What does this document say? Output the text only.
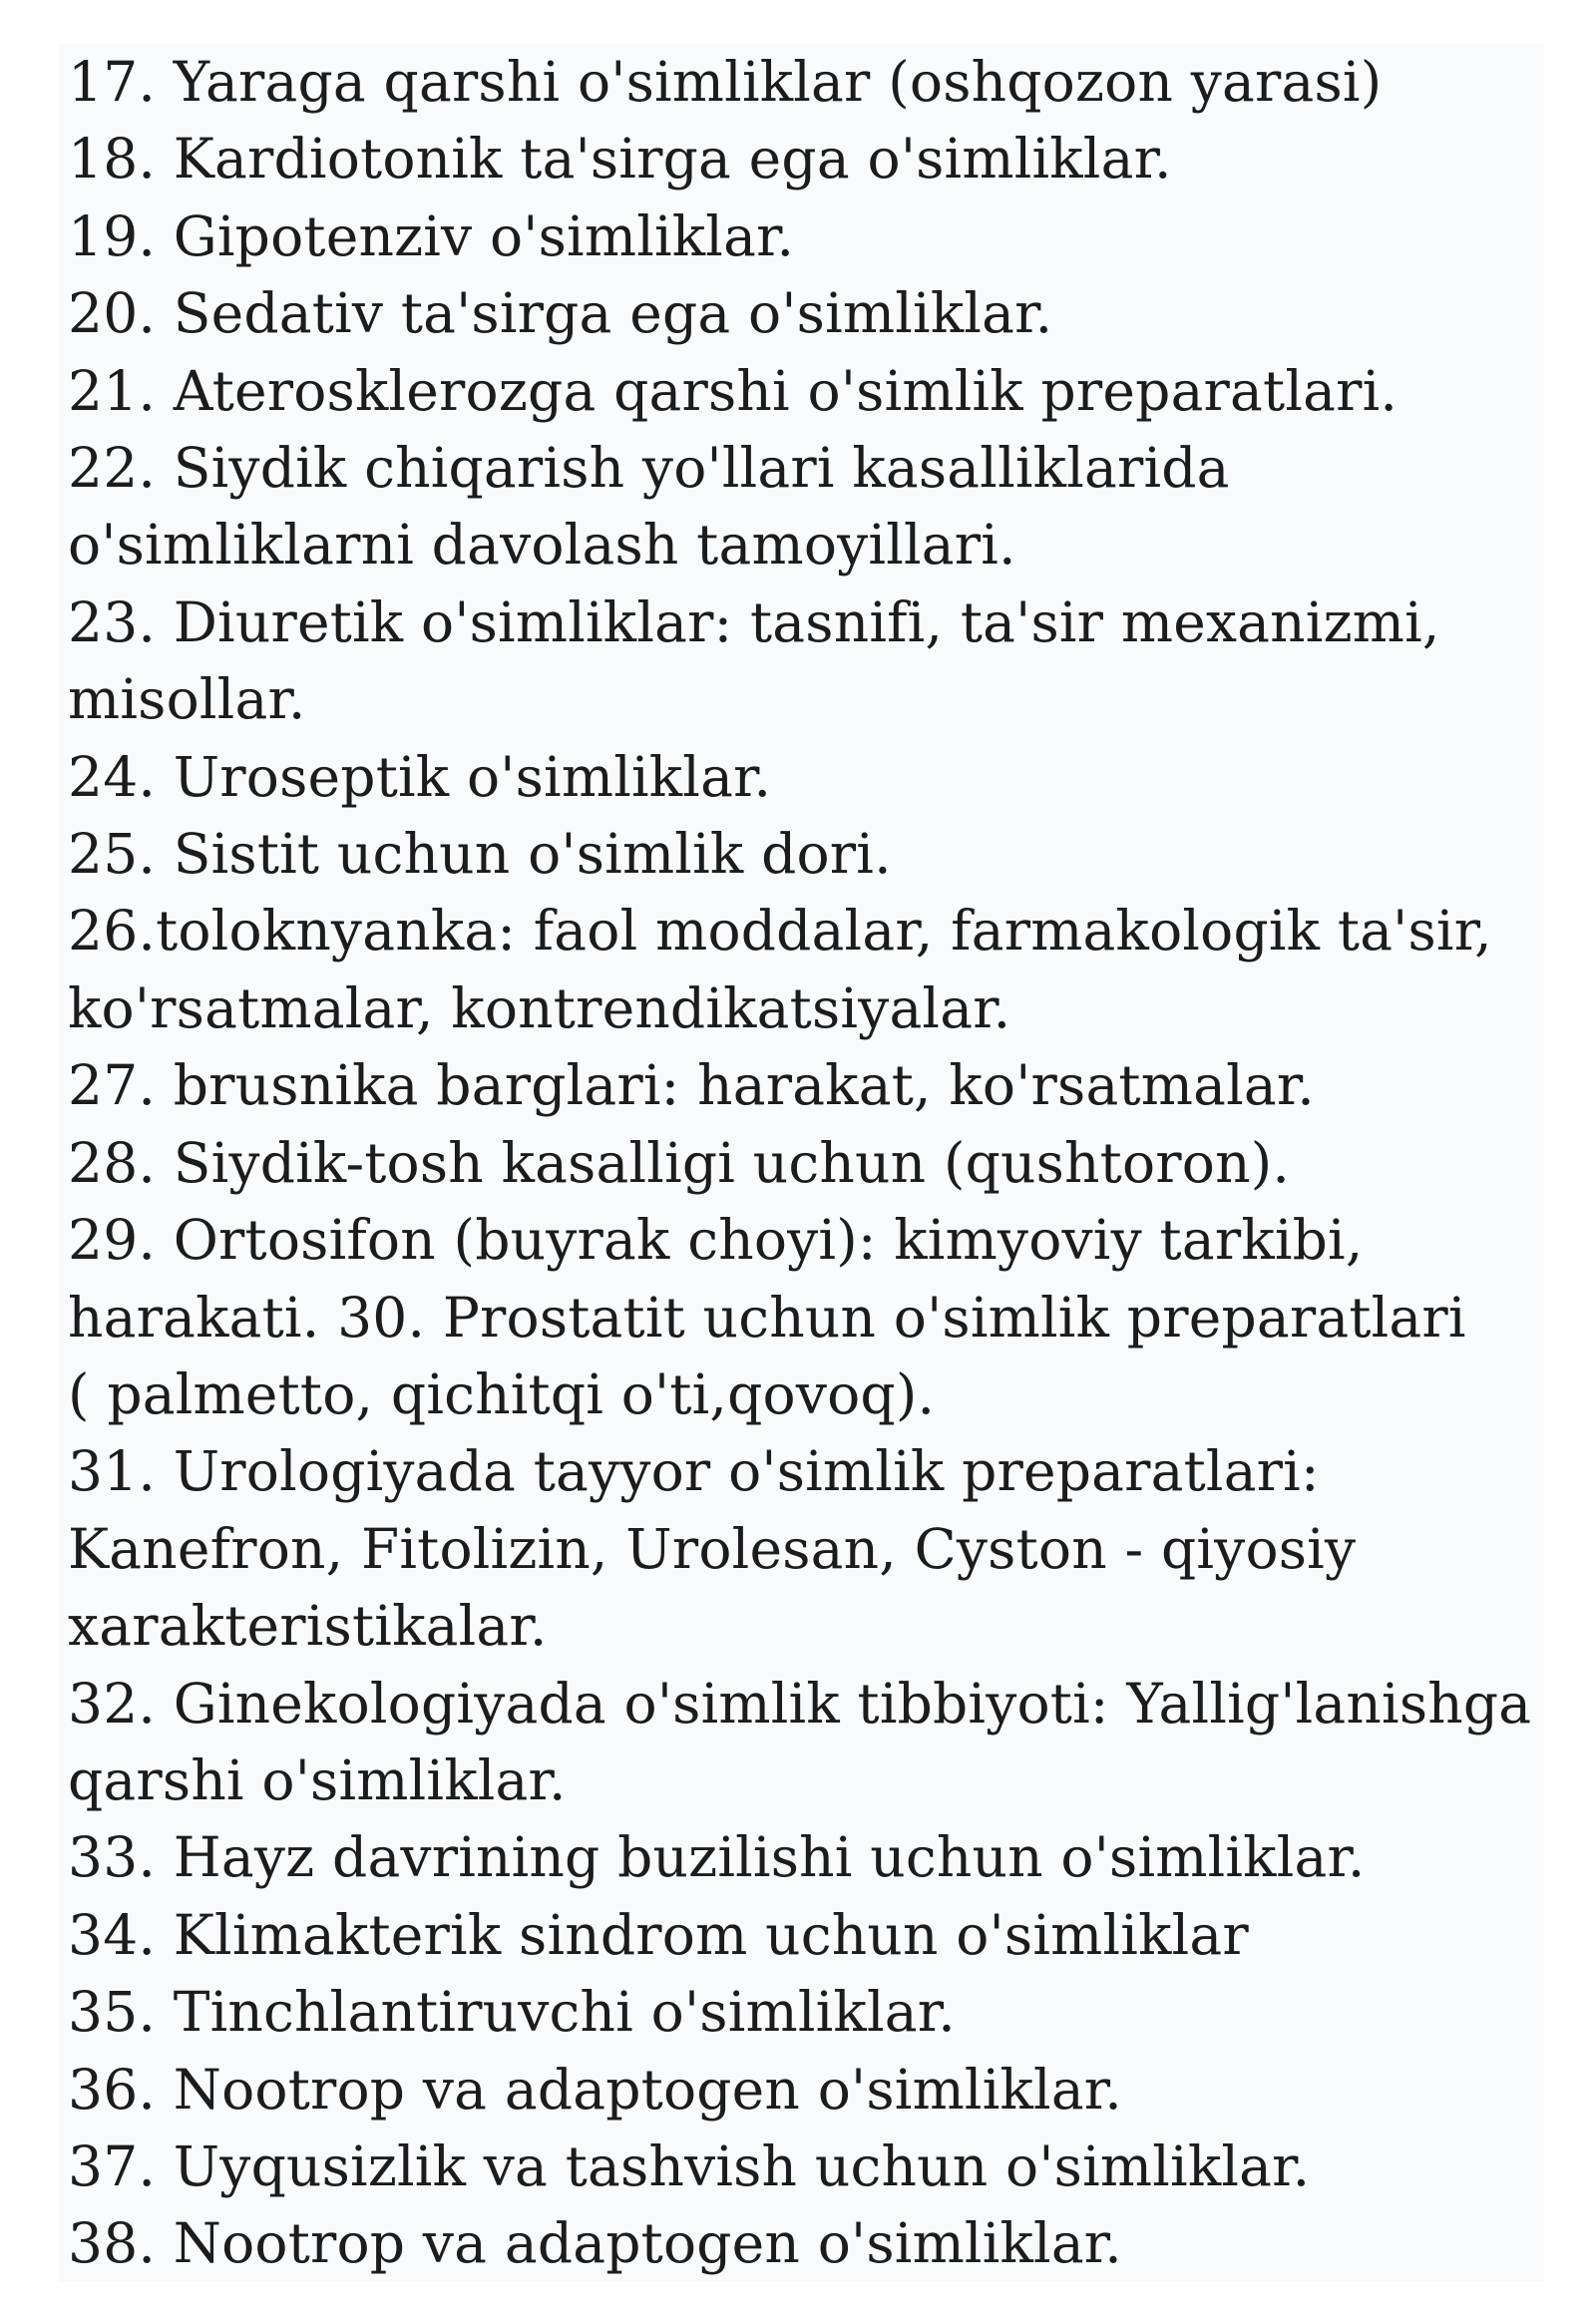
17. Yaraga qarshi o'simliklar (oshqozon yarasi)
18. Kardiotonik ta'sirga ega o'simliklar.
19. Gipotenziv o'simliklar.
20. Sedativ ta'sirga ega o'simliklar.
21. Aterosklerozga qarshi o'simlik preparatlari.
22. Siydik chiqarish yo'llari kasalliklarida
o'simliklarni davolash tamoyillari.
23. Diuretik o'simliklar: tasnifi, ta'sir mexanizmi,
misollar.
24. Uroseptik o'simliklar.
25. Sistit uchun o'simlik dori.
26.toloknyanka: faol moddalar, farmakologik ta'sir,
ko'rsatmalar, kontrendikatsiyalar.
27. brusnika barglari: harakat, ko'rsatmalar.
28. Siydik-tosh kasalligi uchun (qushtoron).
29. Ortosifon (buyrak choyi): kimyoviy tarkibi,
harakati. 30. Prostatit uchun o'simlik preparatlari
( palmetto, qichitqi o'ti,qovoq).
31. Urologiyada tayyor o'simlik preparatlari:
Kanefron, Fitolizin, Urolesan, Cyston - qiyosiy
xarakteristikalar.
32. Ginekologiyada o'simlik tibbiyoti: Yallig'lanishga
qarshi o'simliklar.
33. Hayz davrining buzilishi uchun o'simliklar.
34. Klimakterik sindrom uchun o'simliklar
35. Tinchlantiruvchi o'simliklar.
36. Nootrop va adaptogen o'simliklar.
37. Uyqusizlik va tashvish uchun o'simliklar.
38. Nootrop va adaptogen o'simliklar.
